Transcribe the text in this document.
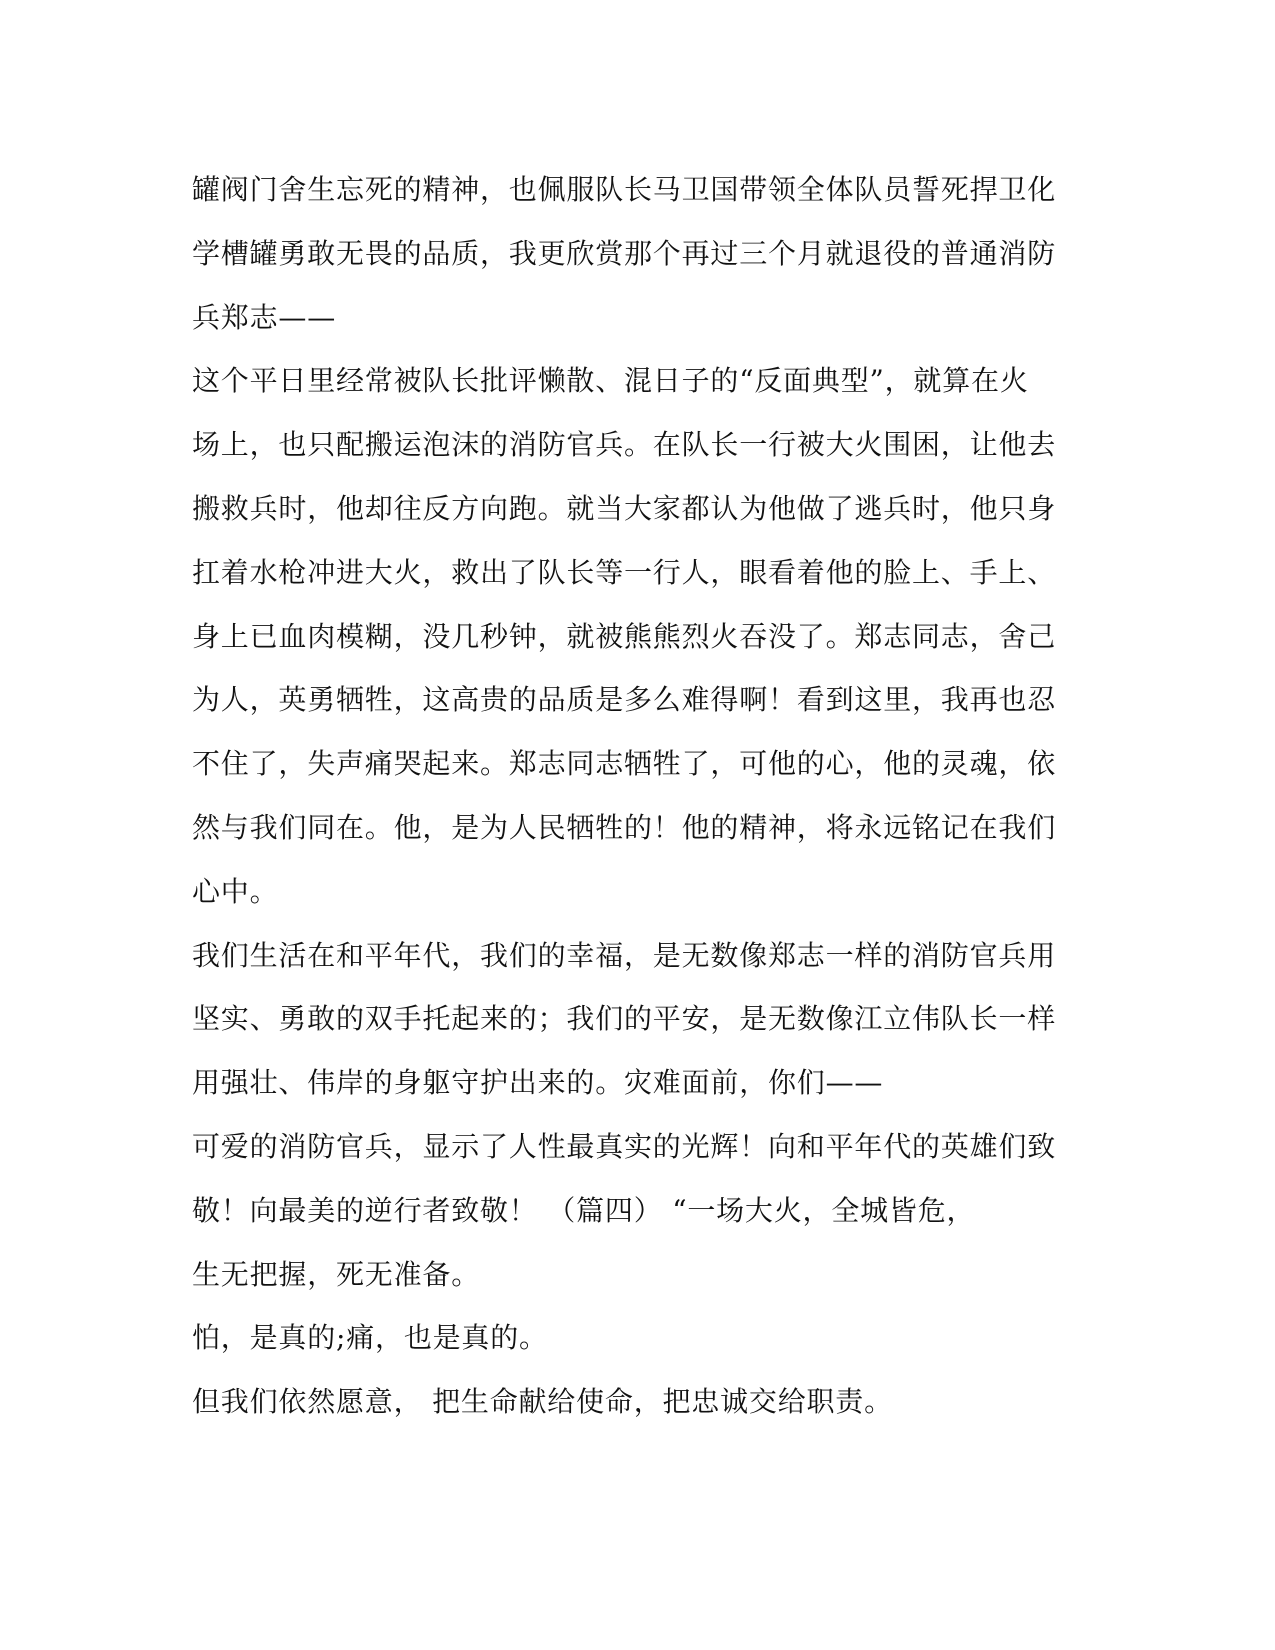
罐阀门舍生忘死的精神，也佩服队长马卫国带领全体队员誓死捍卫化
学槽罐勇敢无畏的品质，我更欣赏那个再过三个月就退役的普通消防
兵郑志——
这个平日里经常被队长批评懒散、混日子的“反面典型”，就算在火
场上，也只配搬运泡沫的消防官兵。在队长一行被大火围困，让他去
搬救兵时，他却往反方向跑。就当大家都认为他做了逃兵时，他只身
扛着水枪冲进大火，救出了队长等一行人，眼看着他的脸上、手上、
身上已血肉模糊，没几秒钟，就被熊熊烈火吞没了。郑志同志，舍己
为人，英勇牺牲，这高贵的品质是多么难得啊！看到这里，我再也忍
不住了，失声痛哭起来。郑志同志牺牲了，可他的心，他的灵魂，依
然与我们同在。他，是为人民牺牲的！他的精神，将永远铭记在我们
心中。
我们生活在和平年代，我们的幸福，是无数像郑志一样的消防官兵用
坚实、勇敢的双手托起来的；我们的平安，是无数像江立伟队长一样
用强壮、伟岸的身躯守护出来的。灾难面前，你们——
可爱的消防官兵，显示了人性最真实的光辉！向和平年代的英雄们致
敬！向最美的逆行者致敬！ （篇四） “一场大火，全城皆危，
生无把握，死无准备。
怕，是真的;痛，也是真的。
但我们依然愿意， 把生命献给使命，把忠诚交给职责。
